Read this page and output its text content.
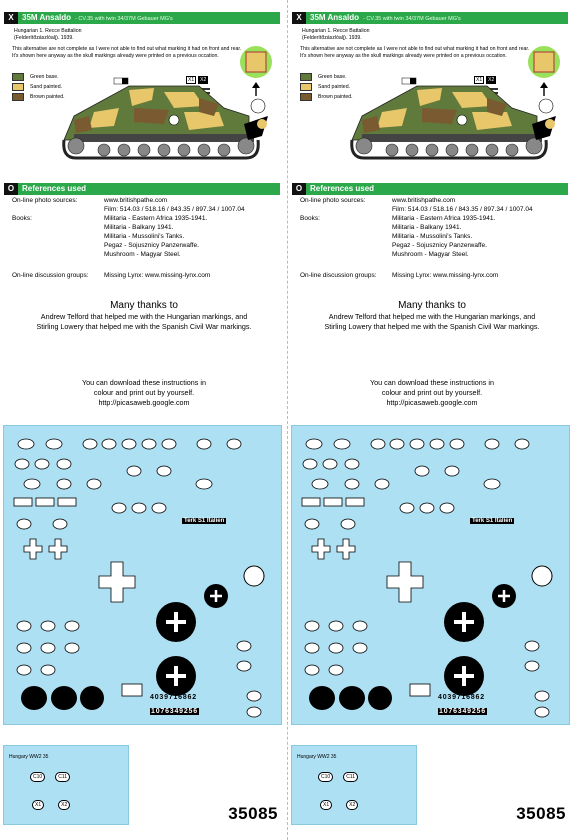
X 35M Ansaldo - CV.35 with twin 34/37M Gebauer MG's
Hungarian 1. Recce Battalion
(Felderítőzászlóalj). 1939.
This alternative are not complete as I were not able to find out what marking it had on front and rear.
It's shown here anyway as the skull markings already were printed on a previous occation.
Green base.
Sand painted.
Brown painted.
X1	X2
O References used
On-line photo sources:	www.britishpathe.com
	Film: 514.03 / 518.16 / 843.35 / 897.34 / 1007.04
Books:	Militaria - Eastern Africa 1935-1941.
	Militaria - Balkany 1941.
	Militaria - Mussolini's Tanks.
	Pegaz - Sojusznicy Panzerwaffe.
	Mushroom - Magyar Steel.

On-line discussion groups:	Missing Lynx: www.missing-lynx.com
Many thanks to
Andrew Telford that helped me with the Hungarian markings, and
Stirling Lowery that helped me with the Spanish Civil War markings.
You can download these instructions in
colour and print out by yourself.
http://picasaweb.google.com
Terk S1 Italien
4039716862
1076349256
Hungary WW2 35
C10	C11
X1	X2	35085
X 35M Ansaldo - CV.35 with twin 34/37M Gebauer MG's
Hungarian 1. Recce Battalion
(Felderítőzászlóalj). 1939.
This alternative are not complete as I were not able to find out what marking it had on front and rear.
It's shown here anyway as the skull markings already were printed on a previous occation.
Green base.
Sand painted.
Brown painted.
X1	X2
O References used
On-line photo sources:	www.britishpathe.com
	Film: 514.03 / 518.16 / 843.35 / 897.34 / 1007.04
Books:	Militaria - Eastern Africa 1935-1941.
	Militaria - Balkany 1941.
	Militaria - Mussolini's Tanks.
	Pegaz - Sojusznicy Panzerwaffe.
	Mushroom - Magyar Steel.

On-line discussion groups:	Missing Lynx: www.missing-lynx.com
Many thanks to
Andrew Telford that helped me with the Hungarian markings, and
Stirling Lowery that helped me with the Spanish Civil War markings.
You can download these instructions in
colour and print out by yourself.
http://picasaweb.google.com
Terk S1 Italien
4039716862
1076349256
Hungary WW2 35
C10	C11
X1	X2	35085
